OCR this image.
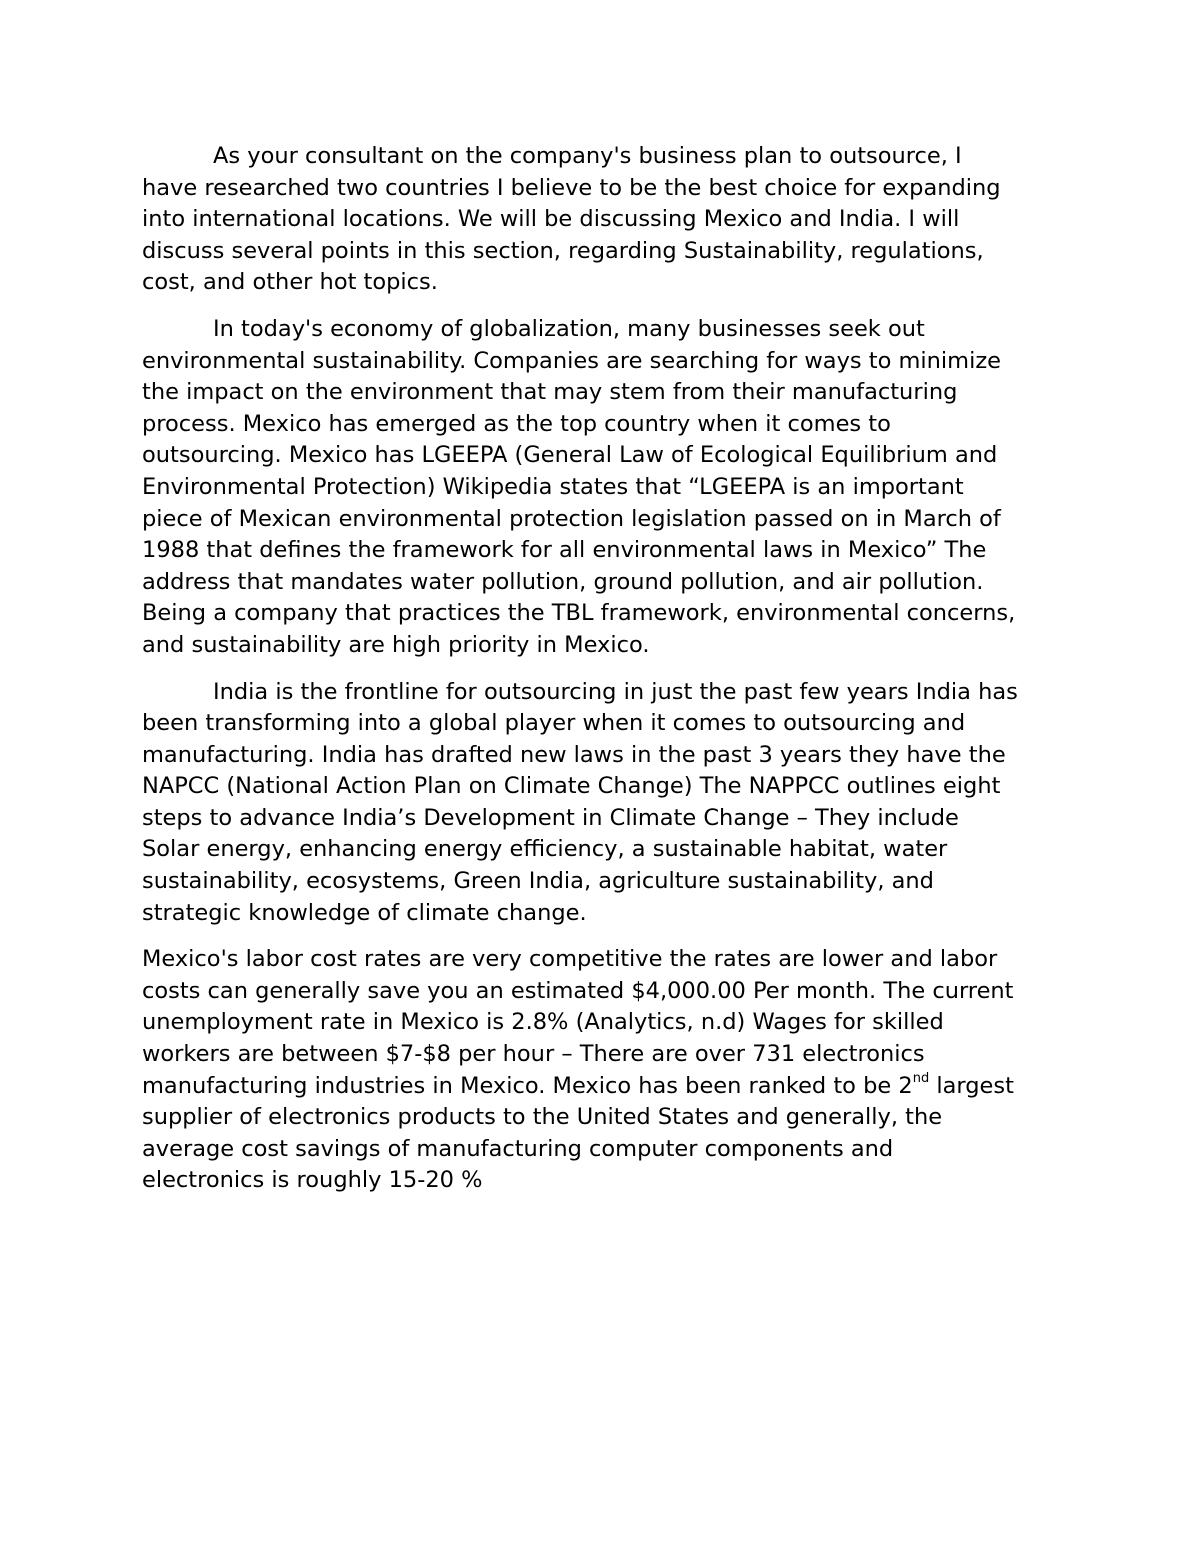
As your consultant on the company's business plan to outsource, I
have researched two countries I believe to be the best choice for expanding
into international locations. We will be discussing Mexico and India. I will
discuss several points in this section, regarding Sustainability, regulations,
cost, and other hot topics.

In today's economy of globalization, many businesses seek out
environmental sustainability. Companies are searching for ways to minimize
the impact on the environment that may stem from their manufacturing
process. Mexico has emerged as the top country when it comes to
outsourcing. Mexico has LGEEPA (General Law of Ecological Equilibrium and
Environmental Protection) Wikipedia states that “LGEEPA is an important
piece of Mexican environmental protection legislation passed on in March of
1988 that defines the framework for all environmental laws in Mexico” The
address that mandates water pollution, ground pollution, and air pollution.
Being a company that practices the TBL framework, environmental concerns,
and sustainability are high priority in Mexico.

India is the frontline for outsourcing in just the past few years India has
been transforming into a global player when it comes to outsourcing and
manufacturing. India has drafted new laws in the past 3 years they have the
NAPCC (National Action Plan on Climate Change) The NAPPCC outlines eight
steps to advance India’s Development in Climate Change – They include
Solar energy, enhancing energy efficiency, a sustainable habitat, water
sustainability, ecosystems, Green India, agriculture sustainability, and
strategic knowledge of climate change.

Mexico's labor cost rates are very competitive the rates are lower and labor
costs can generally save you an estimated $4,000.00 Per month. The current
unemployment rate in Mexico is 2.8% (Analytics, n.d) Wages for skilled
workers are between $7-$8 per hour – There are over 731 electronics
manufacturing industries in Mexico. Mexico has been ranked to be 2nd largest
supplier of electronics products to the United States and generally, the
average cost savings of manufacturing computer components and
electronics is roughly 15-20 %
